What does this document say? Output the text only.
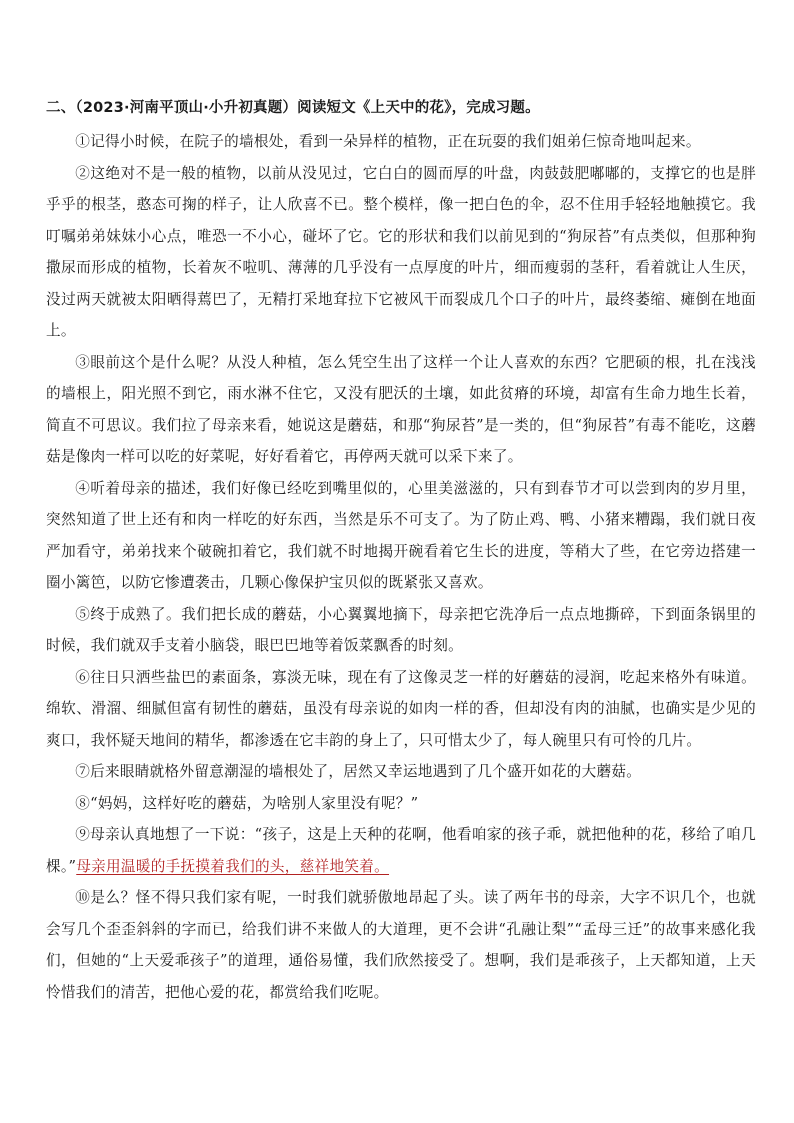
二、（2023·河南平顶山·小升初真题）阅读短文《上天中的花》，完成习题。

①记得小时候，在院子的墙根处，看到一朵异样的植物，正在玩耍的我们姐弟仨惊奇地叫起来。

②这绝对不是一般的植物，以前从没见过，它白白的圆而厚的叶盘，肉鼓鼓肥嘟嘟的，支撑它的也是胖乎乎的根茎，憨态可掬的样子，让人欣喜不已。整个模样，像一把白色的伞，忍不住用手轻轻地触摸它。我叮嘱弟弟妹妹小心点，唯恐一不小心，碰坏了它。它的形状和我们以前见到的“狗尿苔”有点类似，但那种狗撒尿而形成的植物，长着灰不啦叽、薄薄的几乎没有一点厚度的叶片，细而瘦弱的茎秆，看着就让人生厌，没过两天就被太阳晒得蔫巴了，无精打采地耷拉下它被风干而裂成几个口子的叶片，最终萎缩、瘫倒在地面上。

③眼前这个是什么呢？从没人种植，怎么凭空生出了这样一个让人喜欢的东西？它肥硕的根，扎在浅浅的墙根上，阳光照不到它，雨水淋不住它，又没有肥沃的土壤，如此贫瘠的环境，却富有生命力地生长着，简直不可思议。我们拉了母亲来看，她说这是蘑菇，和那“狗尿苔”是一类的，但“狗尿苔”有毒不能吃，这蘑菇是像肉一样可以吃的好菜呢，好好看着它，再停两天就可以采下来了。

④听着母亲的描述，我们好像已经吃到嘴里似的，心里美滋滋的，只有到春节才可以尝到肉的岁月里，突然知道了世上还有和肉一样吃的好东西，当然是乐不可支了。为了防止鸡、鸭、小猪来糟蹋，我们就日夜严加看守，弟弟找来个破碗扣着它，我们就不时地揭开碗看着它生长的进度，等稍大了些，在它旁边搭建一圈小篱笆，以防它惨遭袭击，几颗心像保护宝贝似的既紧张又喜欢。

⑤终于成熟了。我们把长成的蘑菇，小心翼翼地摘下，母亲把它洗净后一点点地撕碎，下到面条锅里的时候，我们就双手支着小脑袋，眼巴巴地等着饭菜飘香的时刻。

⑥往日只洒些盐巴的素面条，寡淡无味，现在有了这像灵芝一样的好蘑菇的浸润，吃起来格外有味道。绵软、滑溜、细腻但富有韧性的蘑菇，虽没有母亲说的如肉一样的香，但却没有肉的油腻，也确实是少见的爽口，我怀疑天地间的精华，都渗透在它丰韵的身上了，只可惜太少了，每人碗里只有可怜的几片。

⑦后来眼睛就格外留意潮湿的墙根处了，居然又幸运地遇到了几个盛开如花的大蘑菇。

⑧“妈妈，这样好吃的蘑菇，为啥别人家里没有呢？”

⑨母亲认真地想了一下说：“孩子，这是上天种的花啊，他看咱家的孩子乖，就把他种的花，移给了咱几棵。”母亲用温暖的手抚摸着我们的头，慈祥地笑着。

⑩是么？怪不得只我们家有呢，一时我们就骄傲地昂起了头。读了两年书的母亲，大字不识几个，也就会写几个歪歪斜斜的字而已，给我们讲不来做人的大道理，更不会讲“孔融让梨”“孟母三迁”的故事来感化我们，但她的“上天爱乖孩子”的道理，通俗易懂，我们欣然接受了。想啊，我们是乖孩子，上天都知道，上天怜惜我们的清苦，把他心爱的花，都赏给我们吃呢。
